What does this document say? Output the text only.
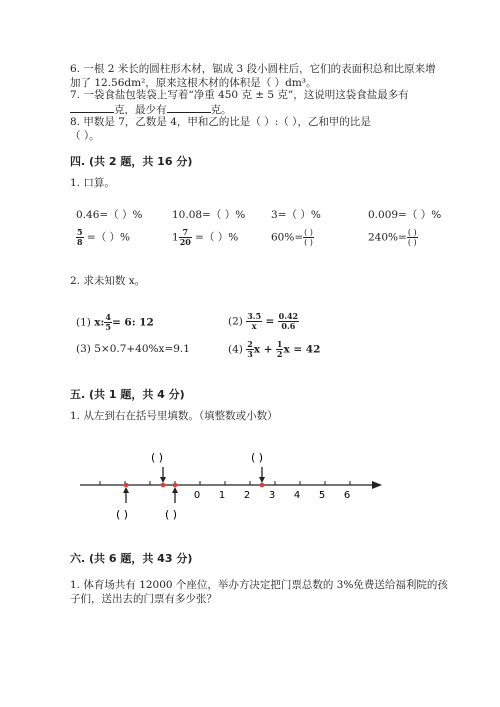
6. 一根 2 米长的圆柱形木材，锯成 3 段小圆柱后，它们的表面积总和比原来增
加了 12.56dm²，原来这根木材的体积是（ ）dm³。
7. 一袋食盐包装袋上写着“净重 450 克 ± 5 克”，这说明这袋食盐最多有
克，最少有	克。
8. 甲数是 7，乙数是 4，甲和乙的比是（ ）:（ ），乙和甲的比是
（ ）。
四. (共 2 题，共 16 分)
1. 口算。
0.46=（ ）%	10.08=（ ）% 3=（ ）%	0.009=（ ）%
$\frac{5}{8}$ =（ ）%	$1 \frac{7}{20}$ =（ ）%	$60\%= \frac{( )}{( )}$	$240\%= \frac{( )}{( )}$
2. 求未知数 x。
(1) x: $\frac{4}{5} = 6$: 12	$(2) \frac{3.5}{x} = \frac{0.42}{0.6}$
(3) 5×0.7+40%x=9.1	$(4) \frac{2}{3}$ $x + \frac{1}{2}$ x = 42
五. (共 1 题，共 4 分)
1. 从左到右在括号里填数。（填整数或小数）
0 1 2 3 4 5 6
( )	( )
( )	( )
六. (共 6 题，共 43 分)
1. 体育场共有 12000 个座位，举办方决定把门票总数的 3%免费送给福利院的孩
子们，送出去的门票有多少张？
